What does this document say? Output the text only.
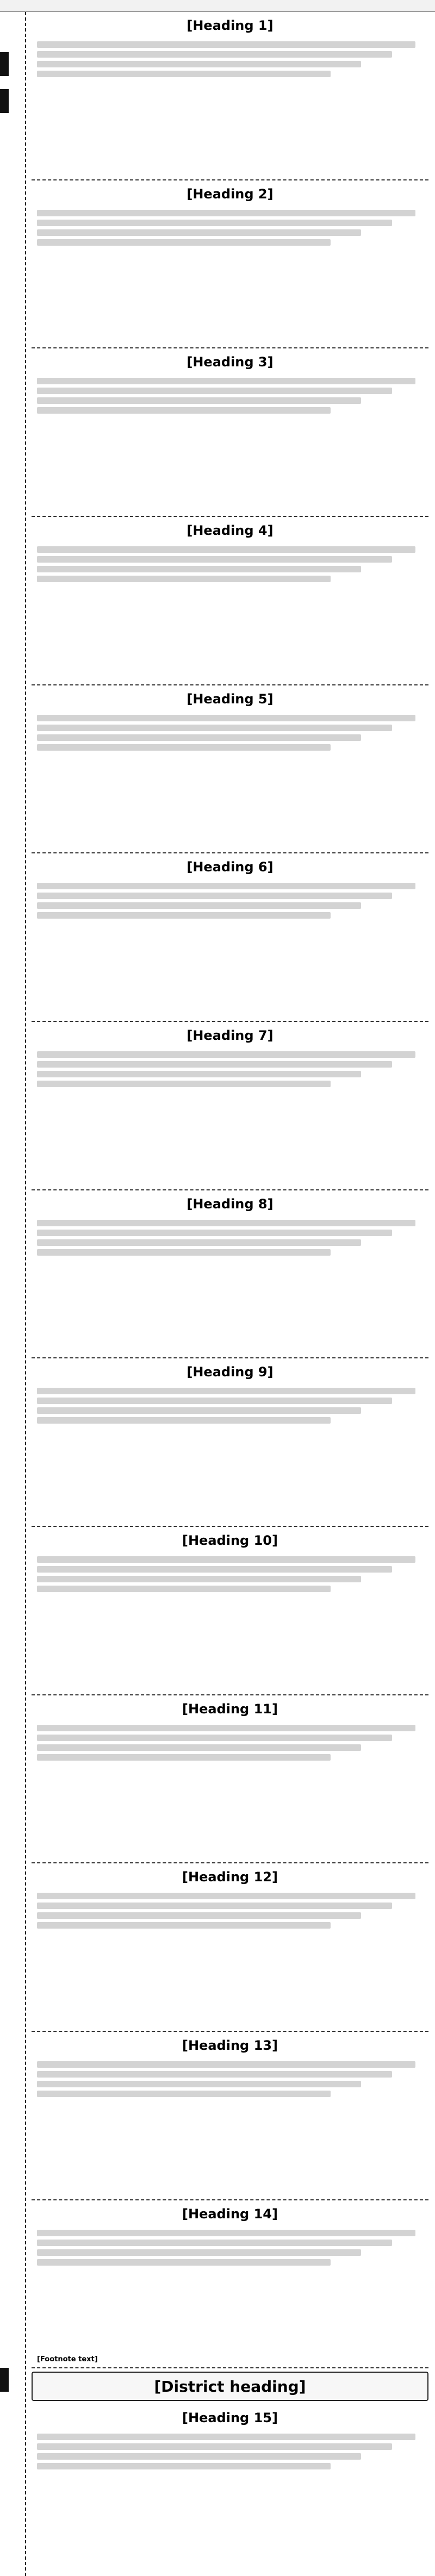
[Heading 1]
[Heading 2]
[Heading 3]
[Heading 4]
[Heading 5]
[Heading 6]
[Heading 7]
[Heading 8]
[Heading 9]
[Heading 10]
[Heading 11]
[Heading 12]
[Heading 13]
[Heading 14]
[Footnote text]
[District heading]
[Heading 15]
